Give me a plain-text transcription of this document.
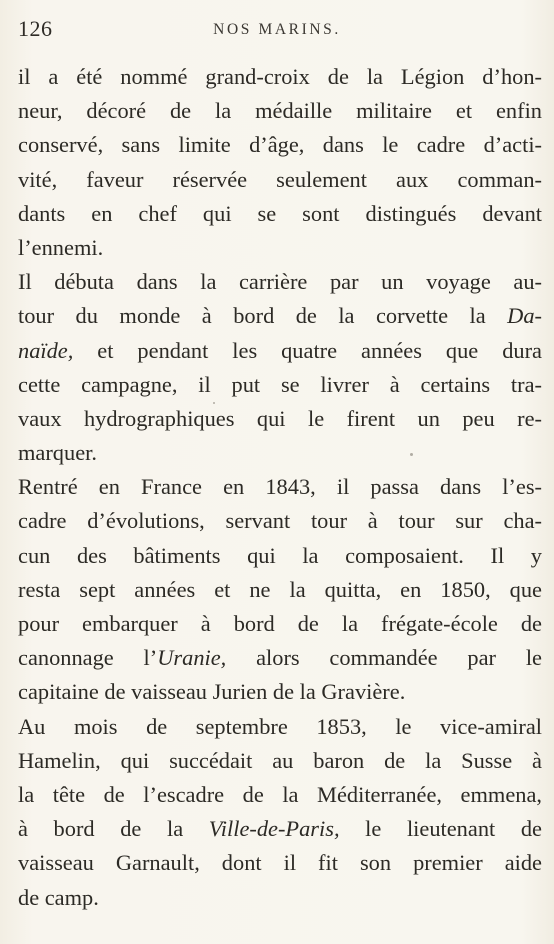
126	NOS MARINS.
il a été nommé grand-croix de la Légion d’hon-
neur, décoré de la médaille militaire et enfin
conservé, sans limite d’âge, dans le cadre d’acti-
vité, faveur réservée seulement aux comman-
dants en chef qui se sont distingués devant
l’ennemi.
Il débuta dans la carrière par un voyage au-
tour du monde à bord de la corvette la Da-
naïde, et pendant les quatre années que dura
cette campagne, il put se livrer à certains tra-
vaux hydrographiques qui le firent un peu re-
marquer.
Rentré en France en 1843, il passa dans l’es-
cadre d’évolutions, servant tour à tour sur cha-
cun des bâtiments qui la composaient. Il y
resta sept années et ne la quitta, en 1850, que
pour embarquer à bord de la frégate-école de
canonnage l’Uranie, alors commandée par le
capitaine de vaisseau Jurien de la Gravière.
Au mois de septembre 1853, le vice-amiral
Hamelin, qui succédait au baron de la Susse à
la tête de l’escadre de la Méditerranée, emmena,
à bord de la Ville-de-Paris, le lieutenant de
vaisseau Garnault, dont il fit son premier aide
de camp.
